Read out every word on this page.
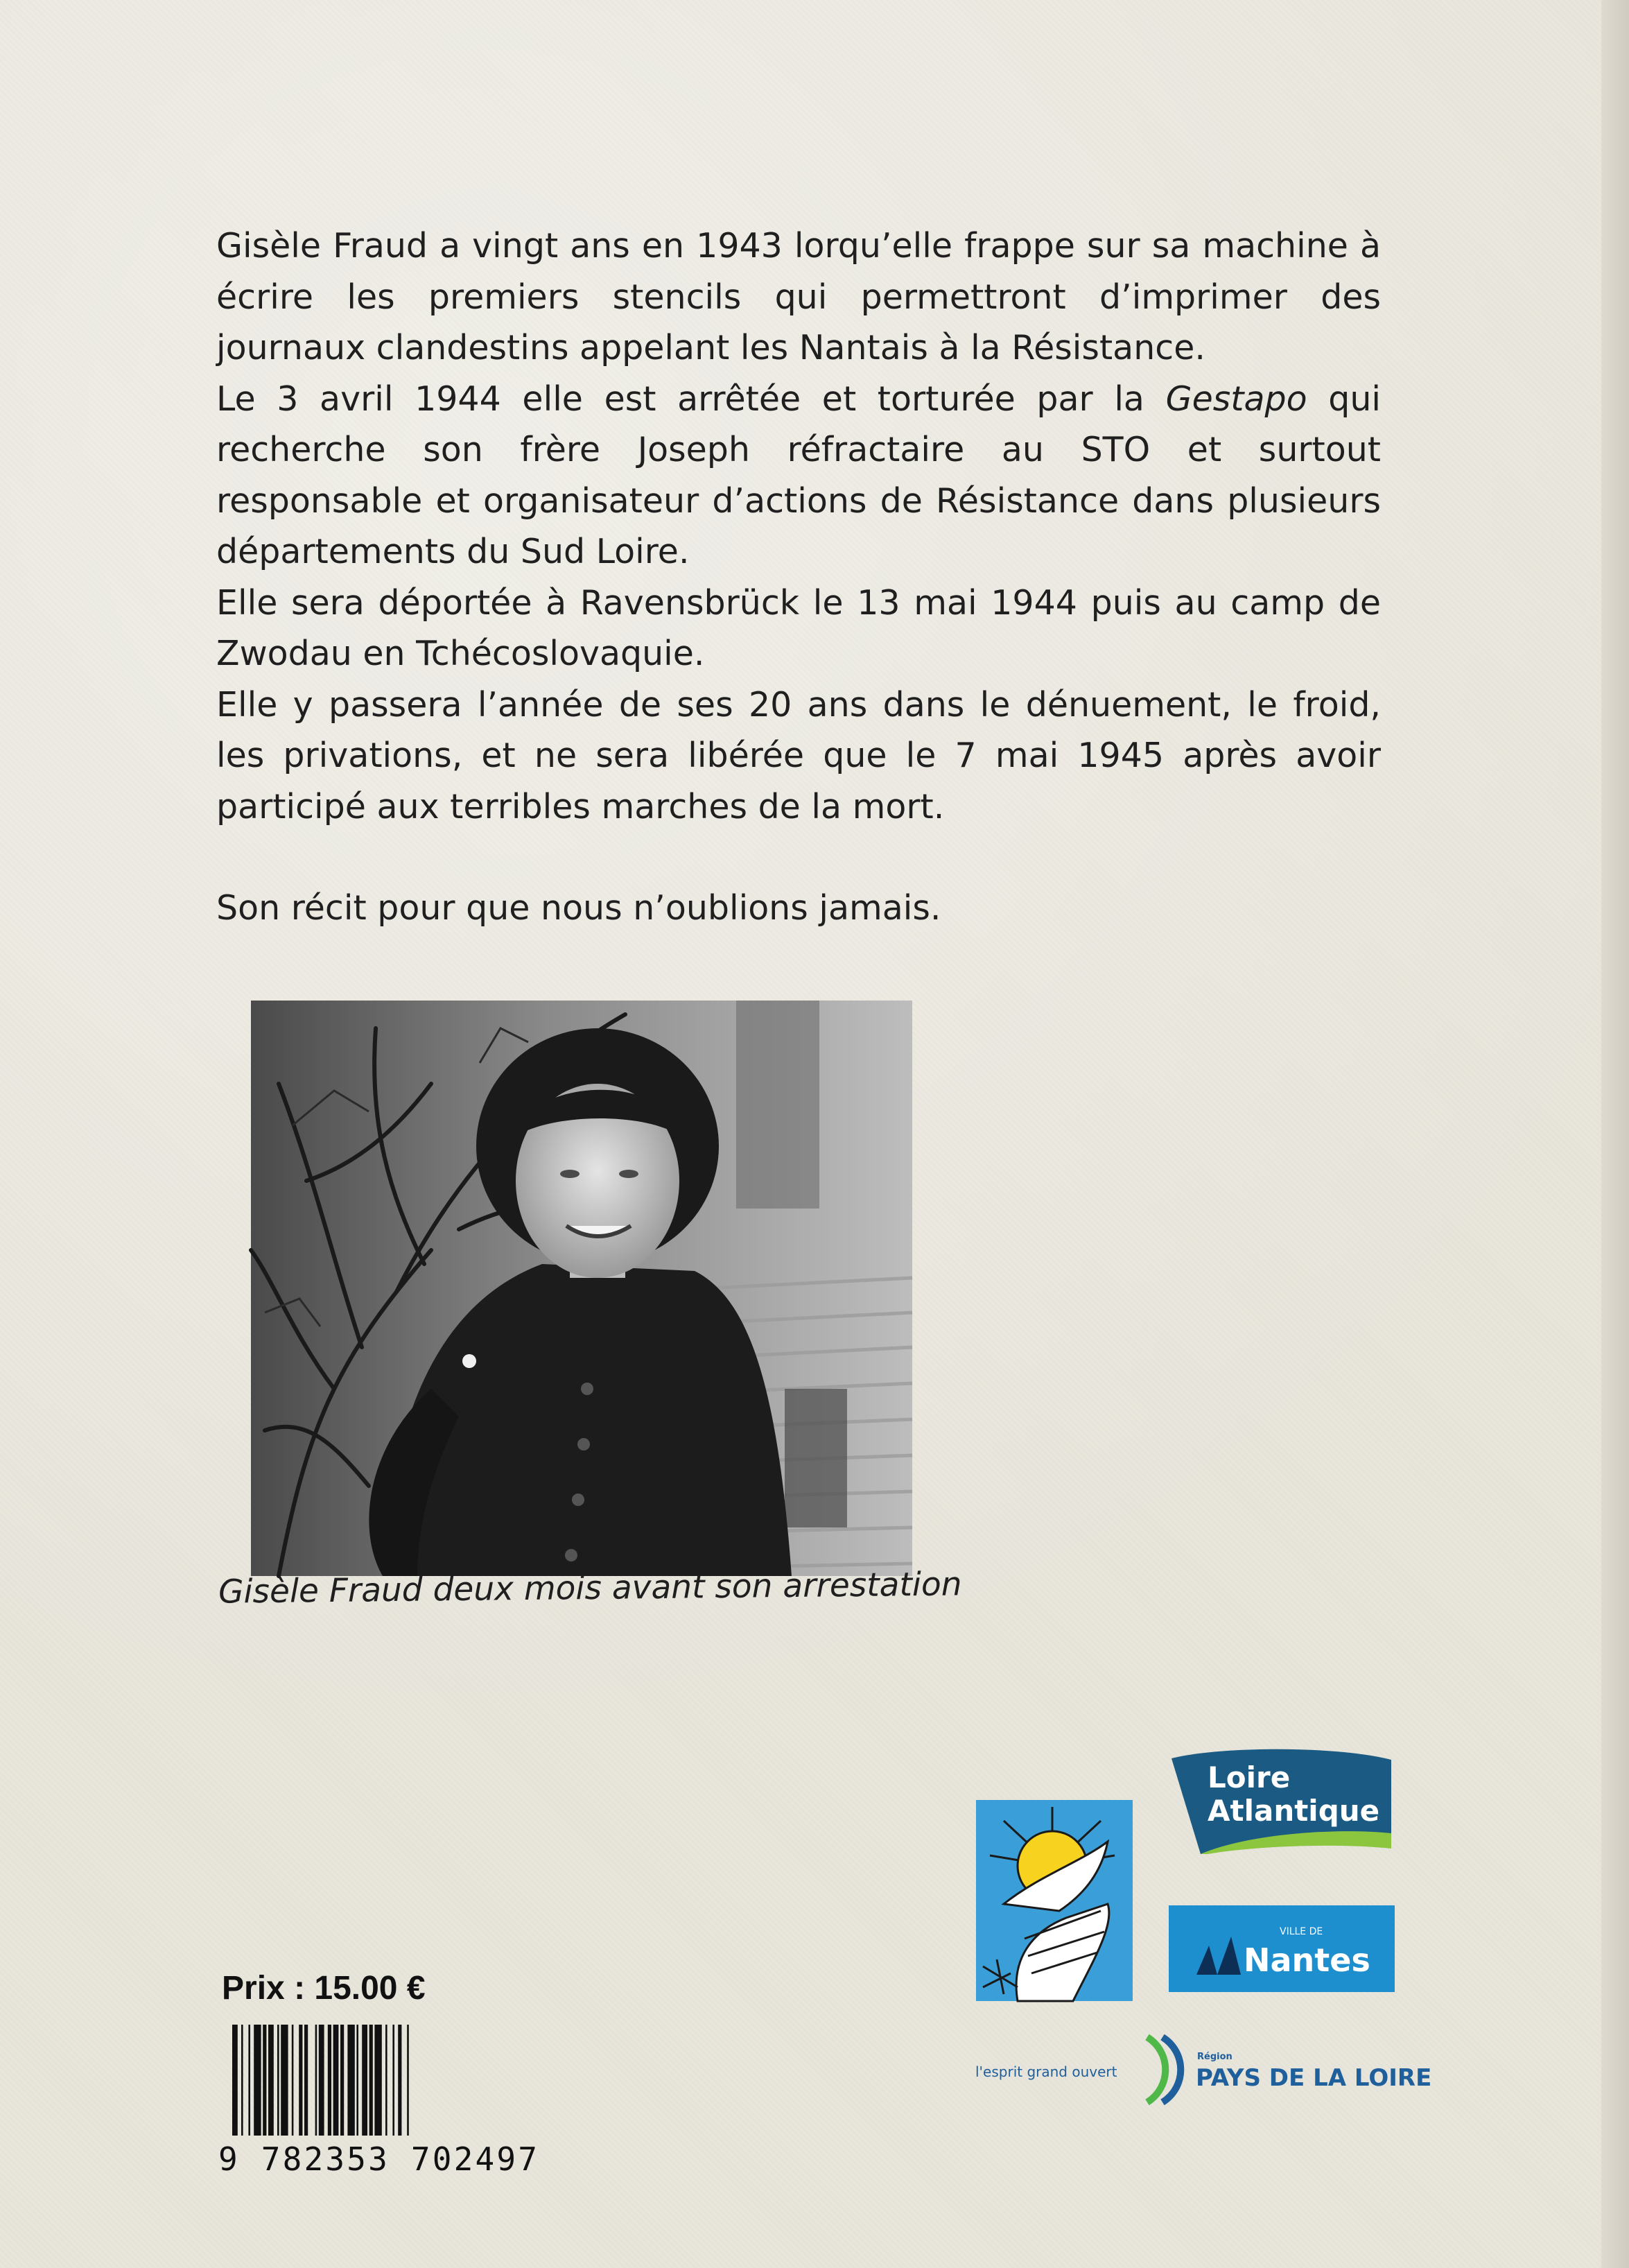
Gisèle Fraud a vingt ans en 1943 lorqu’elle frappe sur sa machine à écrire les premiers stencils qui permettront d’imprimer des journaux clandestins appelant les Nantais à la Résistance.

Le 3 avril 1944 elle est arrêtée et torturée par la Gestapo qui recherche son frère Joseph réfractaire au STO et surtout responsable et organisateur d’actions de Résistance dans plusieurs départements du Sud Loire.

Elle sera déportée à Ravensbrück le 13 mai 1944 puis au camp de Zwodau en Tchécoslovaquie.

Elle y passera l’année de ses 20 ans dans le dénuement, le froid, les privations, et ne sera libérée que le 7 mai 1945 après avoir participé aux terribles marches de la mort.

Son récit pour que nous n’oublions jamais.

Gisèle Fraud deux mois avant son arrestation
Prix : 15.00 €
9 782353 702497
Loire
Atlantique
VILLE DE
Nantes
l'esprit grand ouvert
Région
PAYS DE LA LOIRE
